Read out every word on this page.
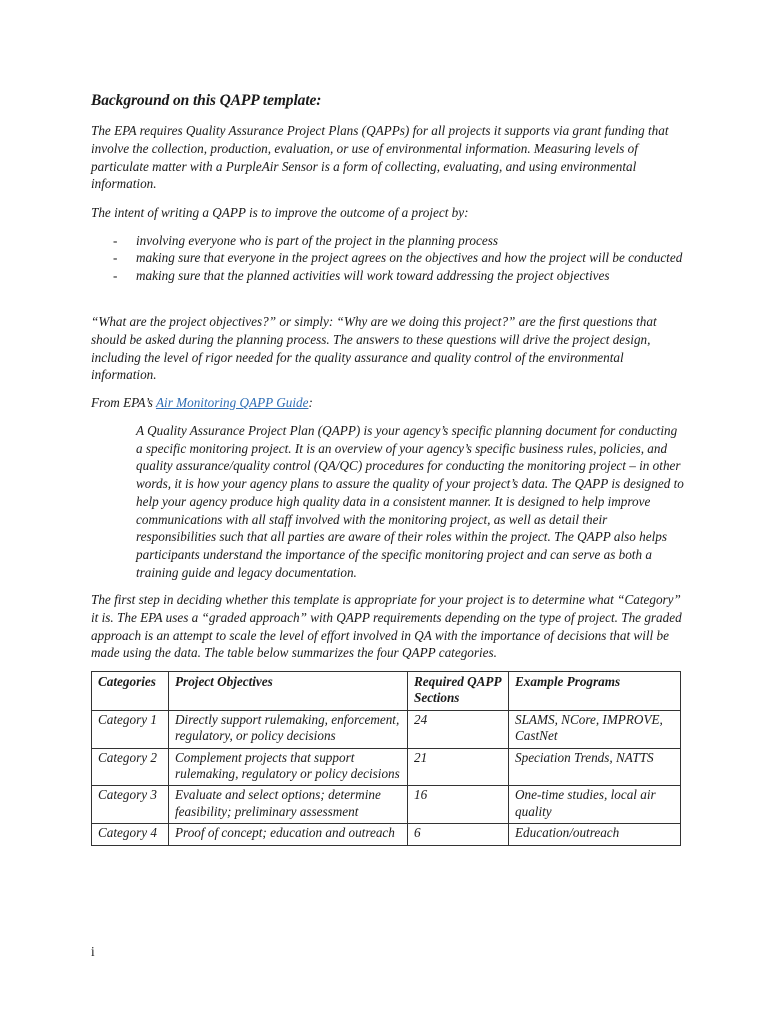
Background on this QAPP template:

The EPA requires Quality Assurance Project Plans (QAPPs) for all projects it supports via grant funding that involve the collection, production, evaluation, or use of environmental information. Measuring levels of particulate matter with a PurpleAir Sensor is a form of collecting, evaluating, and using environmental information.

The intent of writing a QAPP is to improve the outcome of a project by:

- involving everyone who is part of the project in the planning process
- making sure that everyone in the project agrees on the objectives and how the project will be conducted
- making sure that the planned activities will work toward addressing the project objectives

“What are the project objectives?” or simply: “Why are we doing this project?” are the first questions that should be asked during the planning process. The answers to these questions will drive the project design, including the level of rigor needed for the quality assurance and quality control of the environmental information.

From EPA’s Air Monitoring QAPP Guide:

A Quality Assurance Project Plan (QAPP) is your agency’s specific planning document for conducting a specific monitoring project. It is an overview of your agency’s specific business rules, policies, and quality assurance/quality control (QA/QC) procedures for conducting the monitoring project – in other words, it is how your agency plans to assure the quality of your project’s data. The QAPP is designed to help your agency produce high quality data in a consistent manner. It is designed to help improve communications with all staff involved with the monitoring project, as well as detail their responsibilities such that all parties are aware of their roles within the project. The QAPP also helps participants understand the importance of the specific monitoring project and can serve as both a training guide and legacy documentation.

The first step in deciding whether this template is appropriate for your project is to determine what “Category” it is. The EPA uses a “graded approach” with QAPP requirements depending on the type of project. The graded approach is an attempt to scale the level of effort involved in QA with the importance of decisions that will be made using the data. The table below summarizes the four QAPP categories.

Categories	Project Objectives	Required QAPP Sections	Example Programs
Category 1	Directly support rulemaking, enforcement, regulatory, or policy decisions	24	SLAMS, NCore, IMPROVE, CastNet
Category 2	Complement projects that support rulemaking, regulatory or policy decisions	21	Speciation Trends, NATTS
Category 3	Evaluate and select options; determine feasibility; preliminary assessment	16	One-time studies, local air quality
Category 4	Proof of concept; education and outreach	6	Education/outreach
i
